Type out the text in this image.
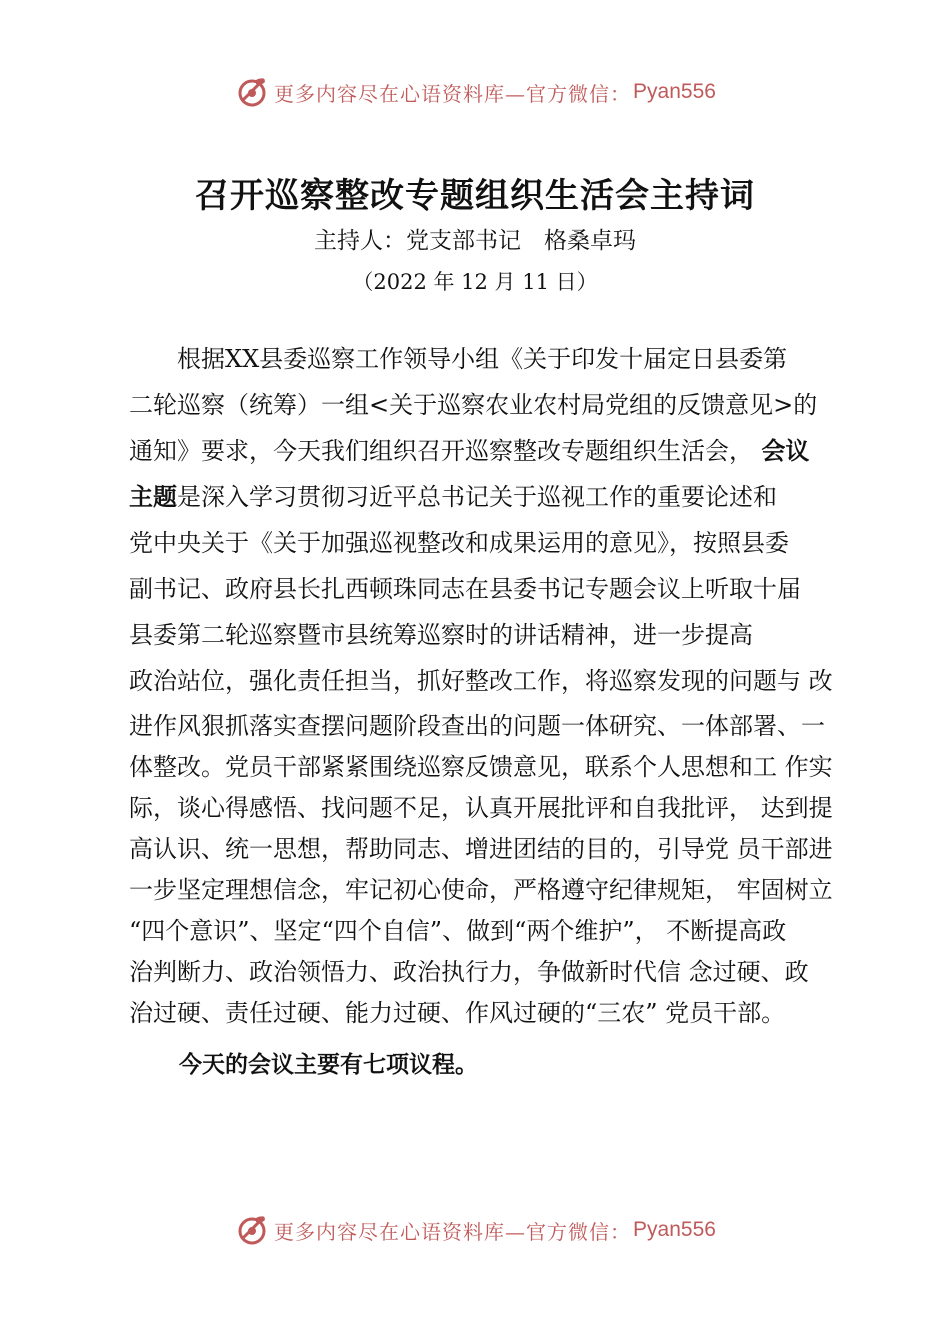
更多内容尽在心语资料库—官方微信： Pyan556
召开巡察整改专题组织生活会主持词
主持人：党支部书记　格桑卓玛
（2022 年 12 月 11 日）
　　根据XX县委巡察工作领导小组《关于印发十届定日县委第
二轮巡察（统筹）一组<关于巡察农业农村局党组的反馈意见>的
通知》要求，今天我们组织召开巡察整改专题组织生活会， 会议
主题是深入学习贯彻习近平总书记关于巡视工作的重要论述和
党中央关于《关于加强巡视整改和成果运用的意见》，按照县委
副书记、政府县长扎西顿珠同志在县委书记专题会议上听取十届
县委第二轮巡察暨市县统筹巡察时的讲话精神，进一步提高
政治站位，强化责任担当，抓好整改工作，将巡察发现的问题与 改
进作风狠抓落实查摆问题阶段查出的问题一体研究、一体部署、一
体整改。党员干部紧紧围绕巡察反馈意见，联系个人思想和工 作实
际，谈心得感悟、找问题不足，认真开展批评和自我批评， 达到提
高认识、统一思想，帮助同志、增进团结的目的，引导党 员干部进
一步坚定理想信念，牢记初心使命，严格遵守纪律规矩， 牢固树立
“四个意识”、坚定“四个自信”、做到“两个维护”， 不断提高政
治判断力、政治领悟力、政治执行力，争做新时代信 念过硬、政
治过硬、责任过硬、能力过硬、作风过硬的“三农” 党员干部。
今天的会议主要有七项议程。
更多内容尽在心语资料库—官方微信： Pyan556
